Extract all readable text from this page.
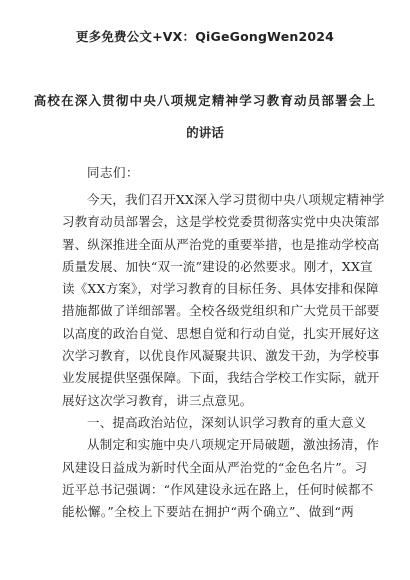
更多免费公文+VX：QiGeGongWen2024
高校在深入贯彻中央八项规定精神学习教育动员部署会上
的讲话
同志们：
今天，我们召开XX深入学习贯彻中央八项规定精神学
习教育动员部署会，这是学校党委贯彻落实党中央决策部
署、纵深推进全面从严治党的重要举措，也是推动学校高
质量发展、加快“双一流”建设的必然要求。刚才，XX宣
读《XX方案》，对学习教育的目标任务、具体安排和保障
措施都做了详细部署。全校各级党组织和广大党员干部要
以高度的政治自觉、思想自觉和行动自觉，扎实开展好这
次学习教育，以优良作风凝聚共识、激发干劲，为学校事
业发展提供坚强保障。下面，我结合学校工作实际，就开
展好这次学习教育，讲三点意见。
一、提高政治站位，深刻认识学习教育的重大意义
从制定和实施中央八项规定开局破题，激浊扬清，作
风建设日益成为新时代全面从严治党的“金色名片”。习
近平总书记强调：“作风建设永远在路上，任何时候都不
能松懈。”全校上下要站在拥护“两个确立”、做到“两
